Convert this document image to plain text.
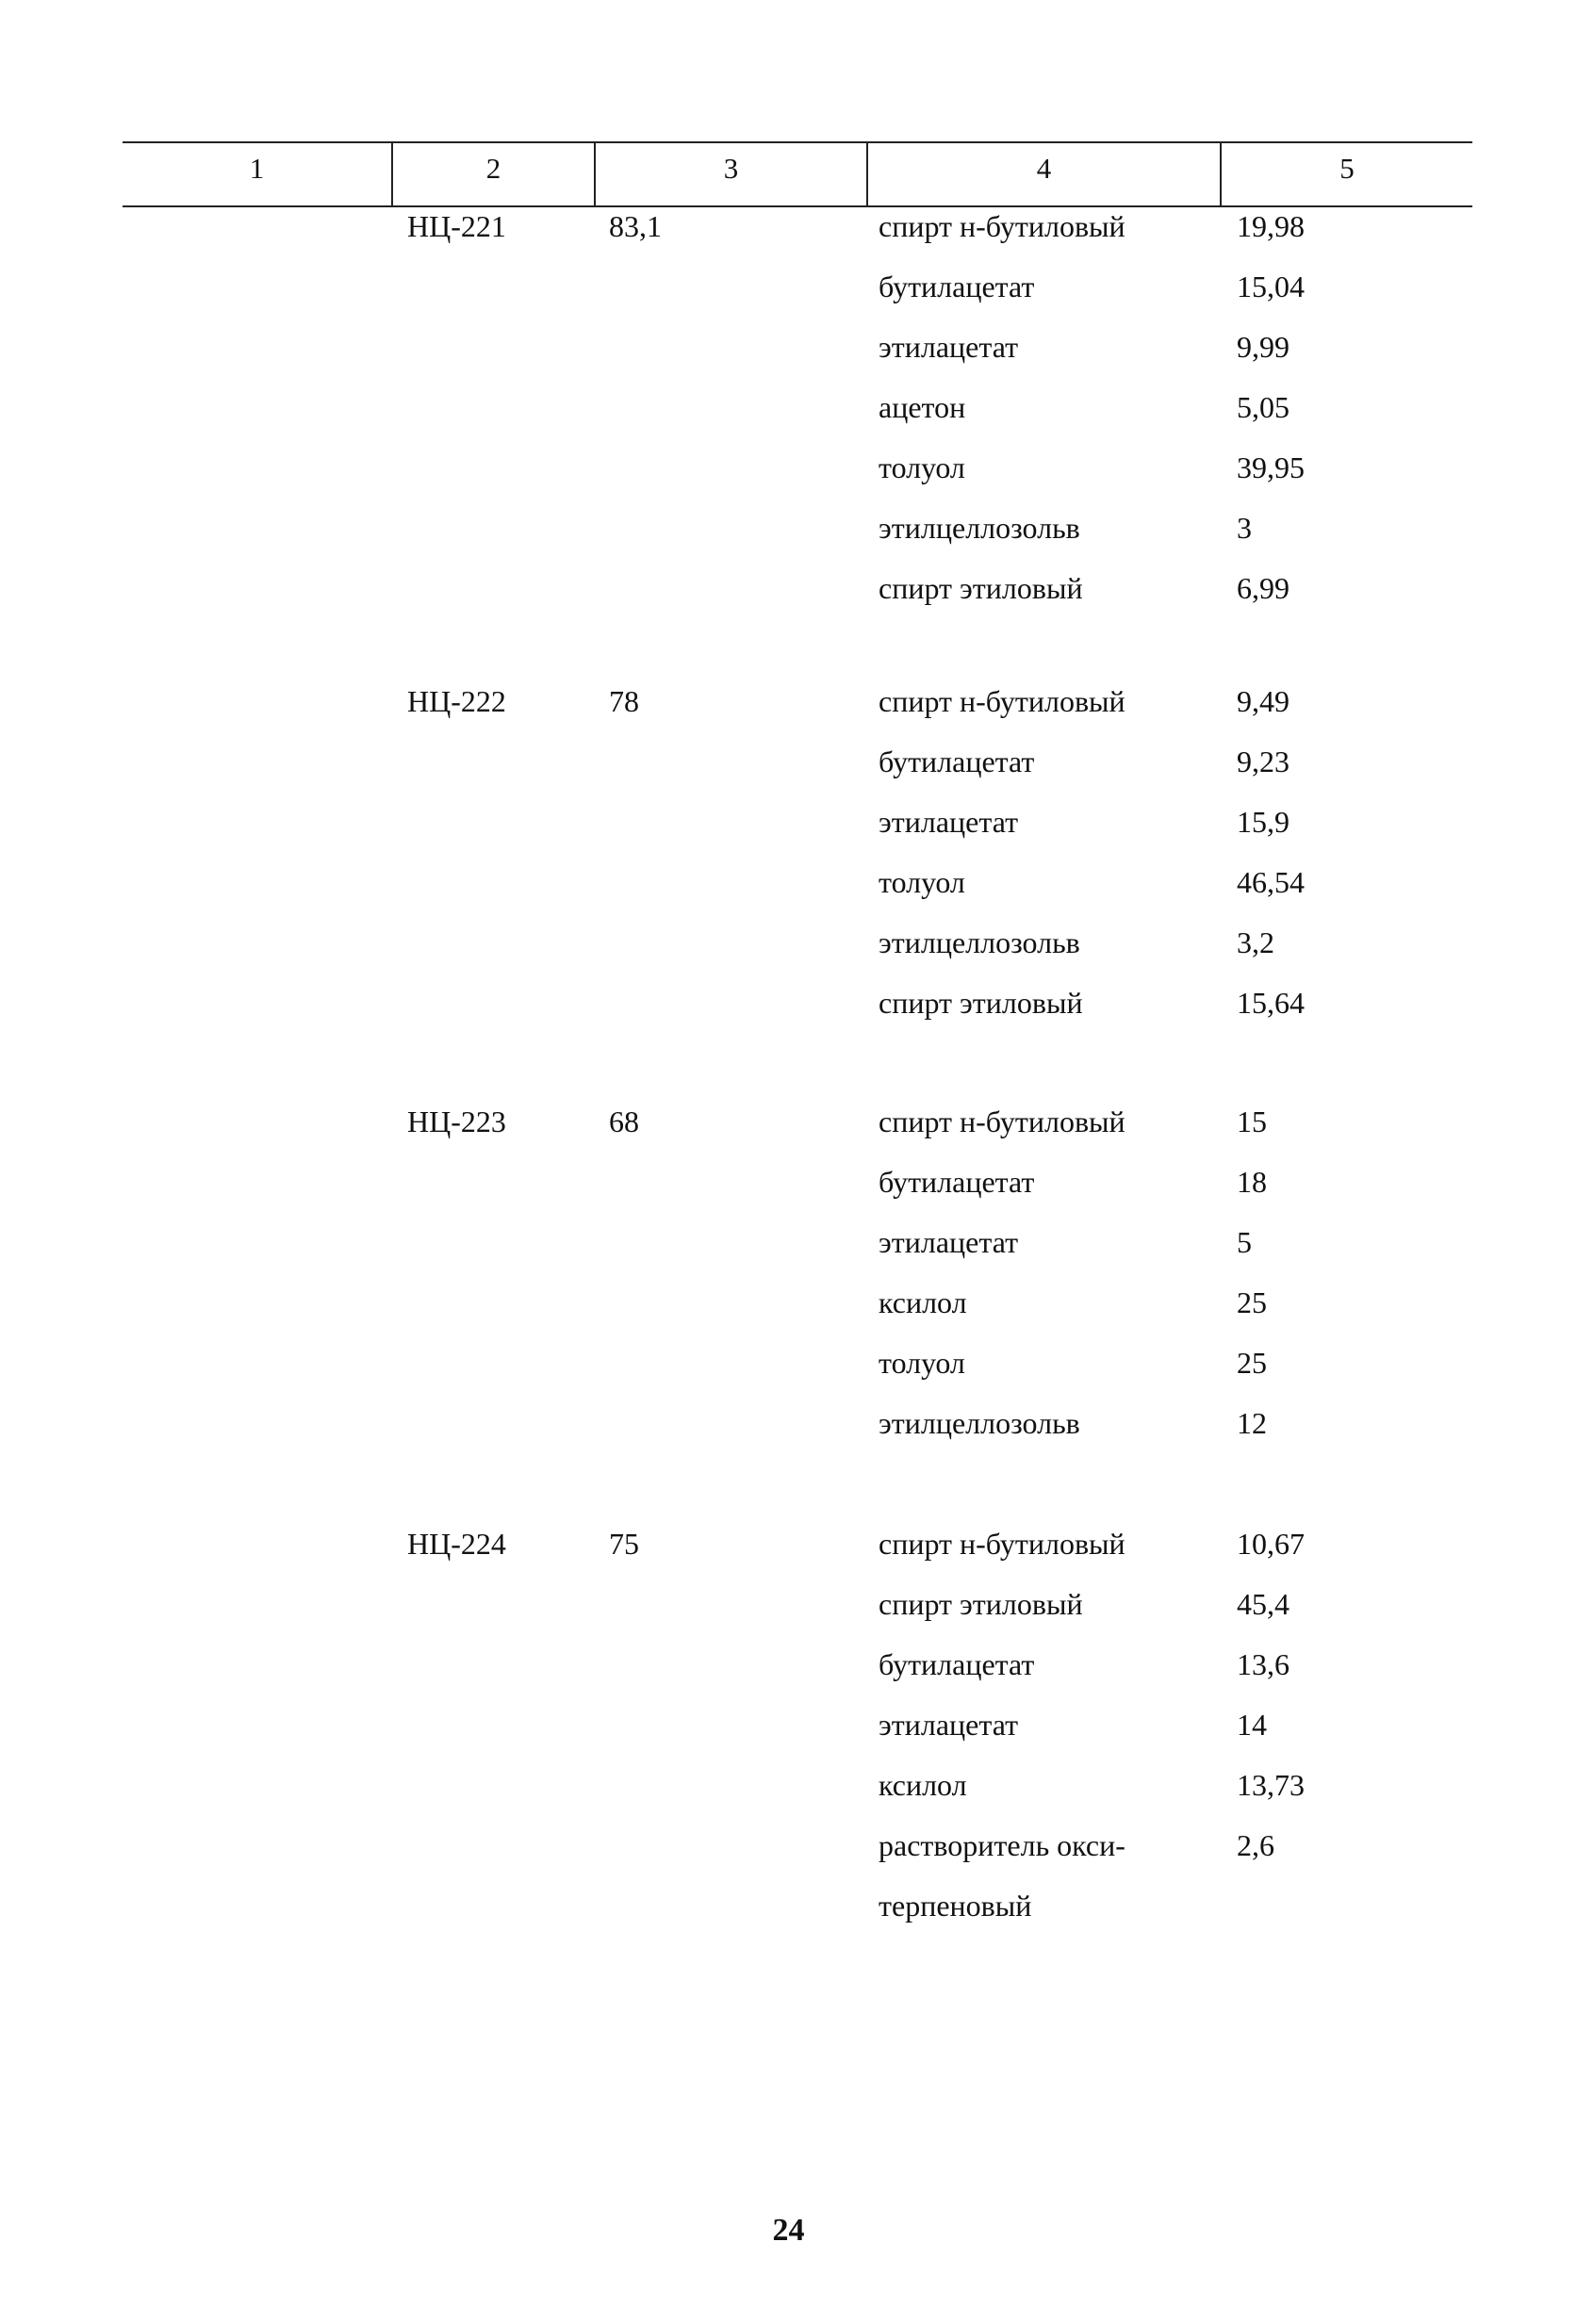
1	2	3	4	5
НЦ-221	83,1	спирт н-бутиловый	19,98
бутилацетат	15,04
этилацетат	9,99
ацетон	5,05
толуол	39,95
этилцеллозольв	3
спирт этиловый	6,99
НЦ-222	78	спирт н-бутиловый	9,49
бутилацетат	9,23
этилацетат	15,9
толуол	46,54
этилцеллозольв	3,2
спирт этиловый	15,64
НЦ-223	68	спирт н-бутиловый	15
бутилацетат	18
этилацетат	5
ксилол	25
толуол	25
этилцеллозольв	12
НЦ-224	75	спирт н-бутиловый	10,67
спирт этиловый	45,4
бутилацетат	13,6
этилацетат	14
ксилол	13,73
растворитель окси-	2,6
терпеновый
24
